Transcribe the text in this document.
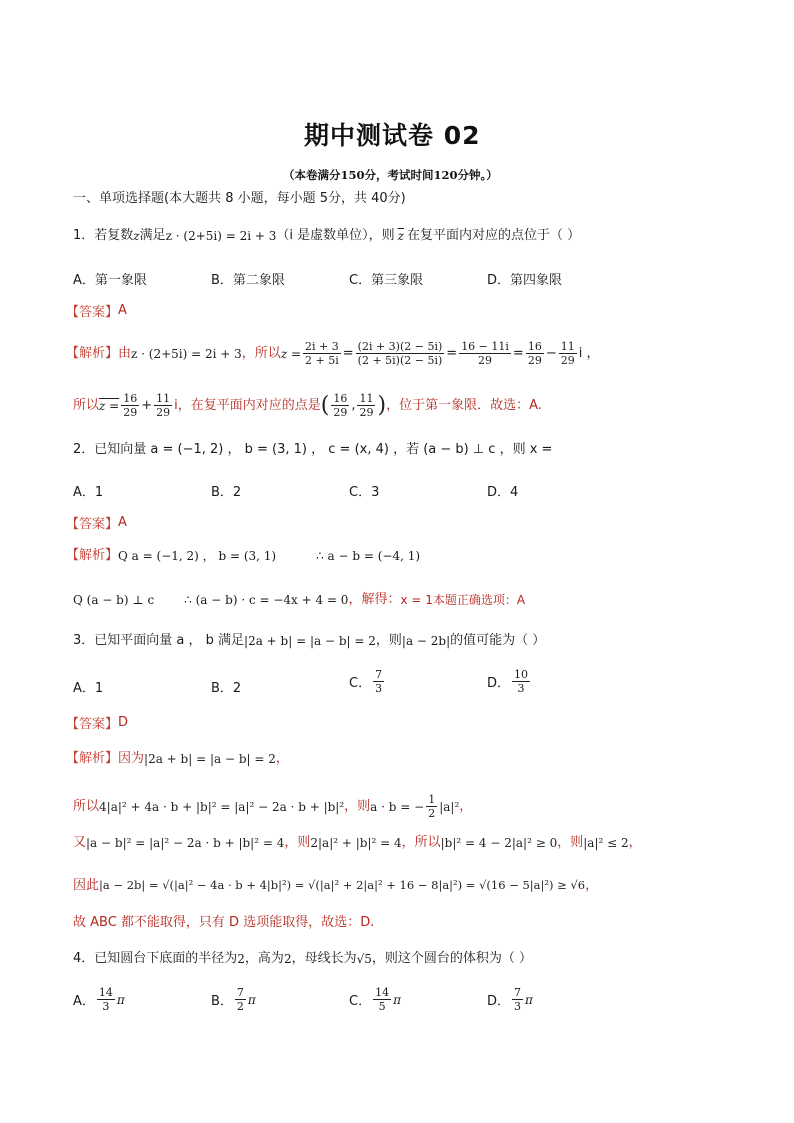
期中测试卷 02
（本卷满分150分，考试时间120分钟。）
一、单项选择题(本大题共 8 小题，每小题 5分，共 40分)
1．若复数 z 满足 z · (2+5i) = 2i + 3 （i 是虚数单位），则 $\overline{z}$ 在复平面内对应的点位于（ ）
A．第一象限	B．第二象限	C．第三象限	D．第四象限
【答案】 A
【解析】 由 z · (2+5i) = 2i + 3 ，所以 $z = \frac{2i + 3}{2 + 5i} = \frac{(2i + 3)(2 - 5i)}{(2 + 5i)(2 - 5i)} = \frac{16 - 11i}{29} = \frac{16}{29} - \frac{11}{29}$ i ，
所以 $z = \frac{16}{29} + \frac{11}{29}$ i，在复平面内对应的点是 ( $\frac{16}{29}$ , $\frac{11}{29}$ ) ，位于第一象限．故选：A.
2．已知向量 a = (−1, 2) ， b = (3, 1) ， c = (x, 4) ，若 (a − b) ⊥ c ，则 x =
A．1	B．2	C．3	D．4
【答案】 A
【解析】 Q a = (−1, 2) ， b = (3, 1)	∴ a − b = (−4, 1)
Q (a − b) ⊥ c	∴ (a − b) · c = −4x + 4 = 0 ，解得： x = 1本题正确选项：A
3．已知平面向量 a ， b 满足 |2a + b| = |a − b| = 2 ，则 |a − 2b| 的值可能为（ ）
A．1	B．2	C． $\frac{7}{3}$	D． $\frac{10}{3}$
【答案】 D
【解析】 因为 |2a + b| = |a − b| = 2 ，
所以 4|a|² + 4a · b + |b|² = |a|² − 2a · b + |b|² ，则 a · b = − $\frac{1}{2} |a|^2$ ，
又 |a − b|² = |a|² − 2a · b + |b|² = 4 ，则 2|a|² + |b|² = 4 ，所以 |b|² = 4 − 2|a|² ≥ 0 ，则 |a|² ≤ 2 ，
因此 |a − 2b| = √(|a|² − 4a · b + 4|b|²) = √(|a|² + 2|a|² + 16 − 8|a|²) = √(16 − 5|a|²) ≥ √6 ，
故 ABC 都不能取得，只有 D 选项能取得，故选：D.
4．已知圆台下底面的半径为 2 ，高为 2 ，母线长为 √5 ，则这个圆台的体积为（ ）
A． $\frac{14}{3}$ π	B． $\frac{7}{2}$ π	C． $\frac{14}{5}$ π	D． $\frac{7}{3}$ π
